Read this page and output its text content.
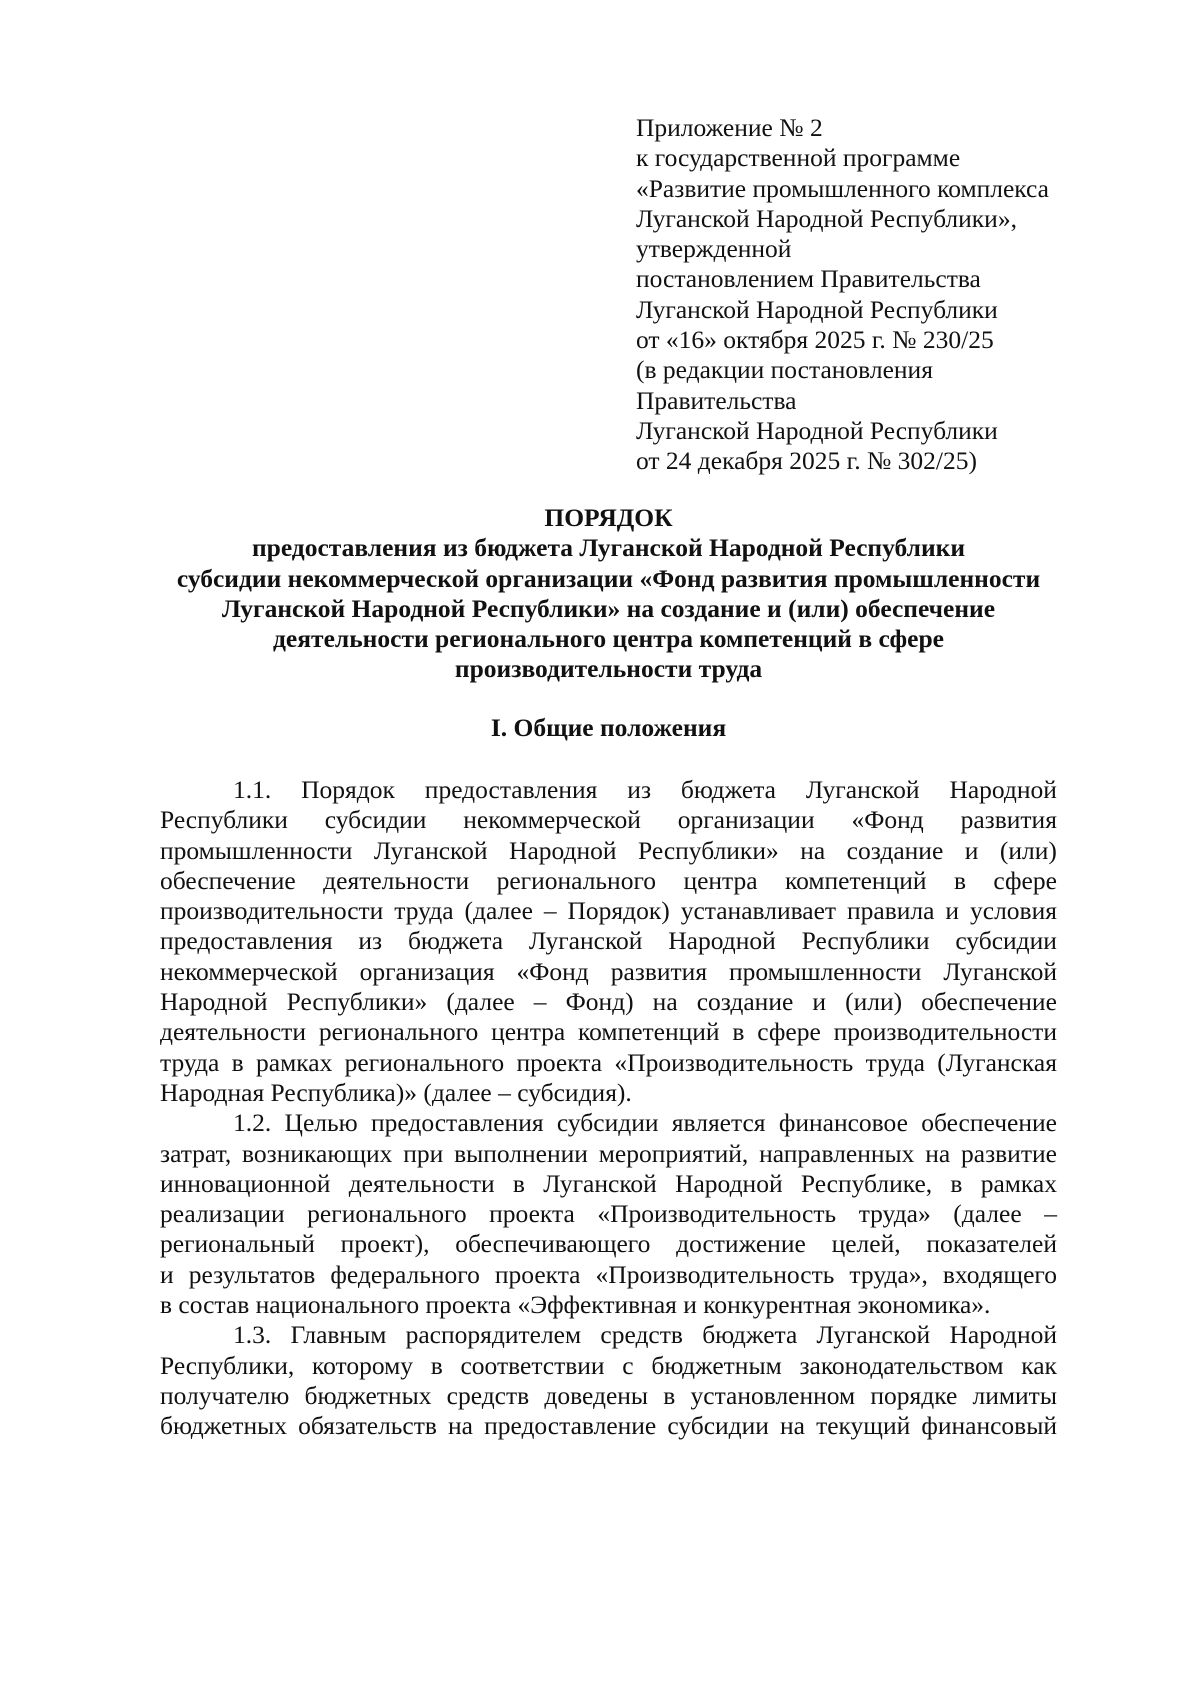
Приложение № 2
к государственной программе
«Развитие промышленного комплекса
Луганской Народной Республики»,
утвержденной
постановлением Правительства
Луганской Народной Республики
от «16» октября 2025 г. № 230/25
(в редакции постановления
Правительства
Луганской Народной Республики
от 24 декабря 2025 г. № 302/25)
ПОРЯДОК
предоставления из бюджета Луганской Народной Республики
субсидии некоммерческой организации «Фонд развития промышленности
Луганской Народной Республики» на создание и (или) обеспечение
деятельности регионального центра компетенций в сфере
производительности труда
I. Общие положения
1.1. Порядок предоставления из бюджета Луганской Народной
Республики субсидии некоммерческой организации «Фонд развития
промышленности Луганской Народной Республики» на создание и (или)
обеспечение деятельности регионального центра компетенций в сфере
производительности труда (далее – Порядок) устанавливает правила и условия
предоставления из бюджета Луганской Народной Республики субсидии
некоммерческой организация «Фонд развития промышленности Луганской
Народной Республики» (далее – Фонд) на создание и (или) обеспечение
деятельности регионального центра компетенций в сфере производительности
труда в рамках регионального проекта «Производительность труда (Луганская
Народная Республика)» (далее – субсидия).
1.2. Целью предоставления субсидии является финансовое обеспечение
затрат, возникающих при выполнении мероприятий, направленных на развитие
инновационной деятельности в Луганской Народной Республике, в рамках
реализации регионального проекта «Производительность труда» (далее –
региональный проект), обеспечивающего достижение целей, показателей
и результатов федерального проекта «Производительность труда», входящего
в состав национального проекта «Эффективная и конкурентная экономика».
1.3. Главным распорядителем средств бюджета Луганской Народной
Республики, которому в соответствии с бюджетным законодательством как
получателю бюджетных средств доведены в установленном порядке лимиты
бюджетных обязательств на предоставление субсидии на текущий финансовый
